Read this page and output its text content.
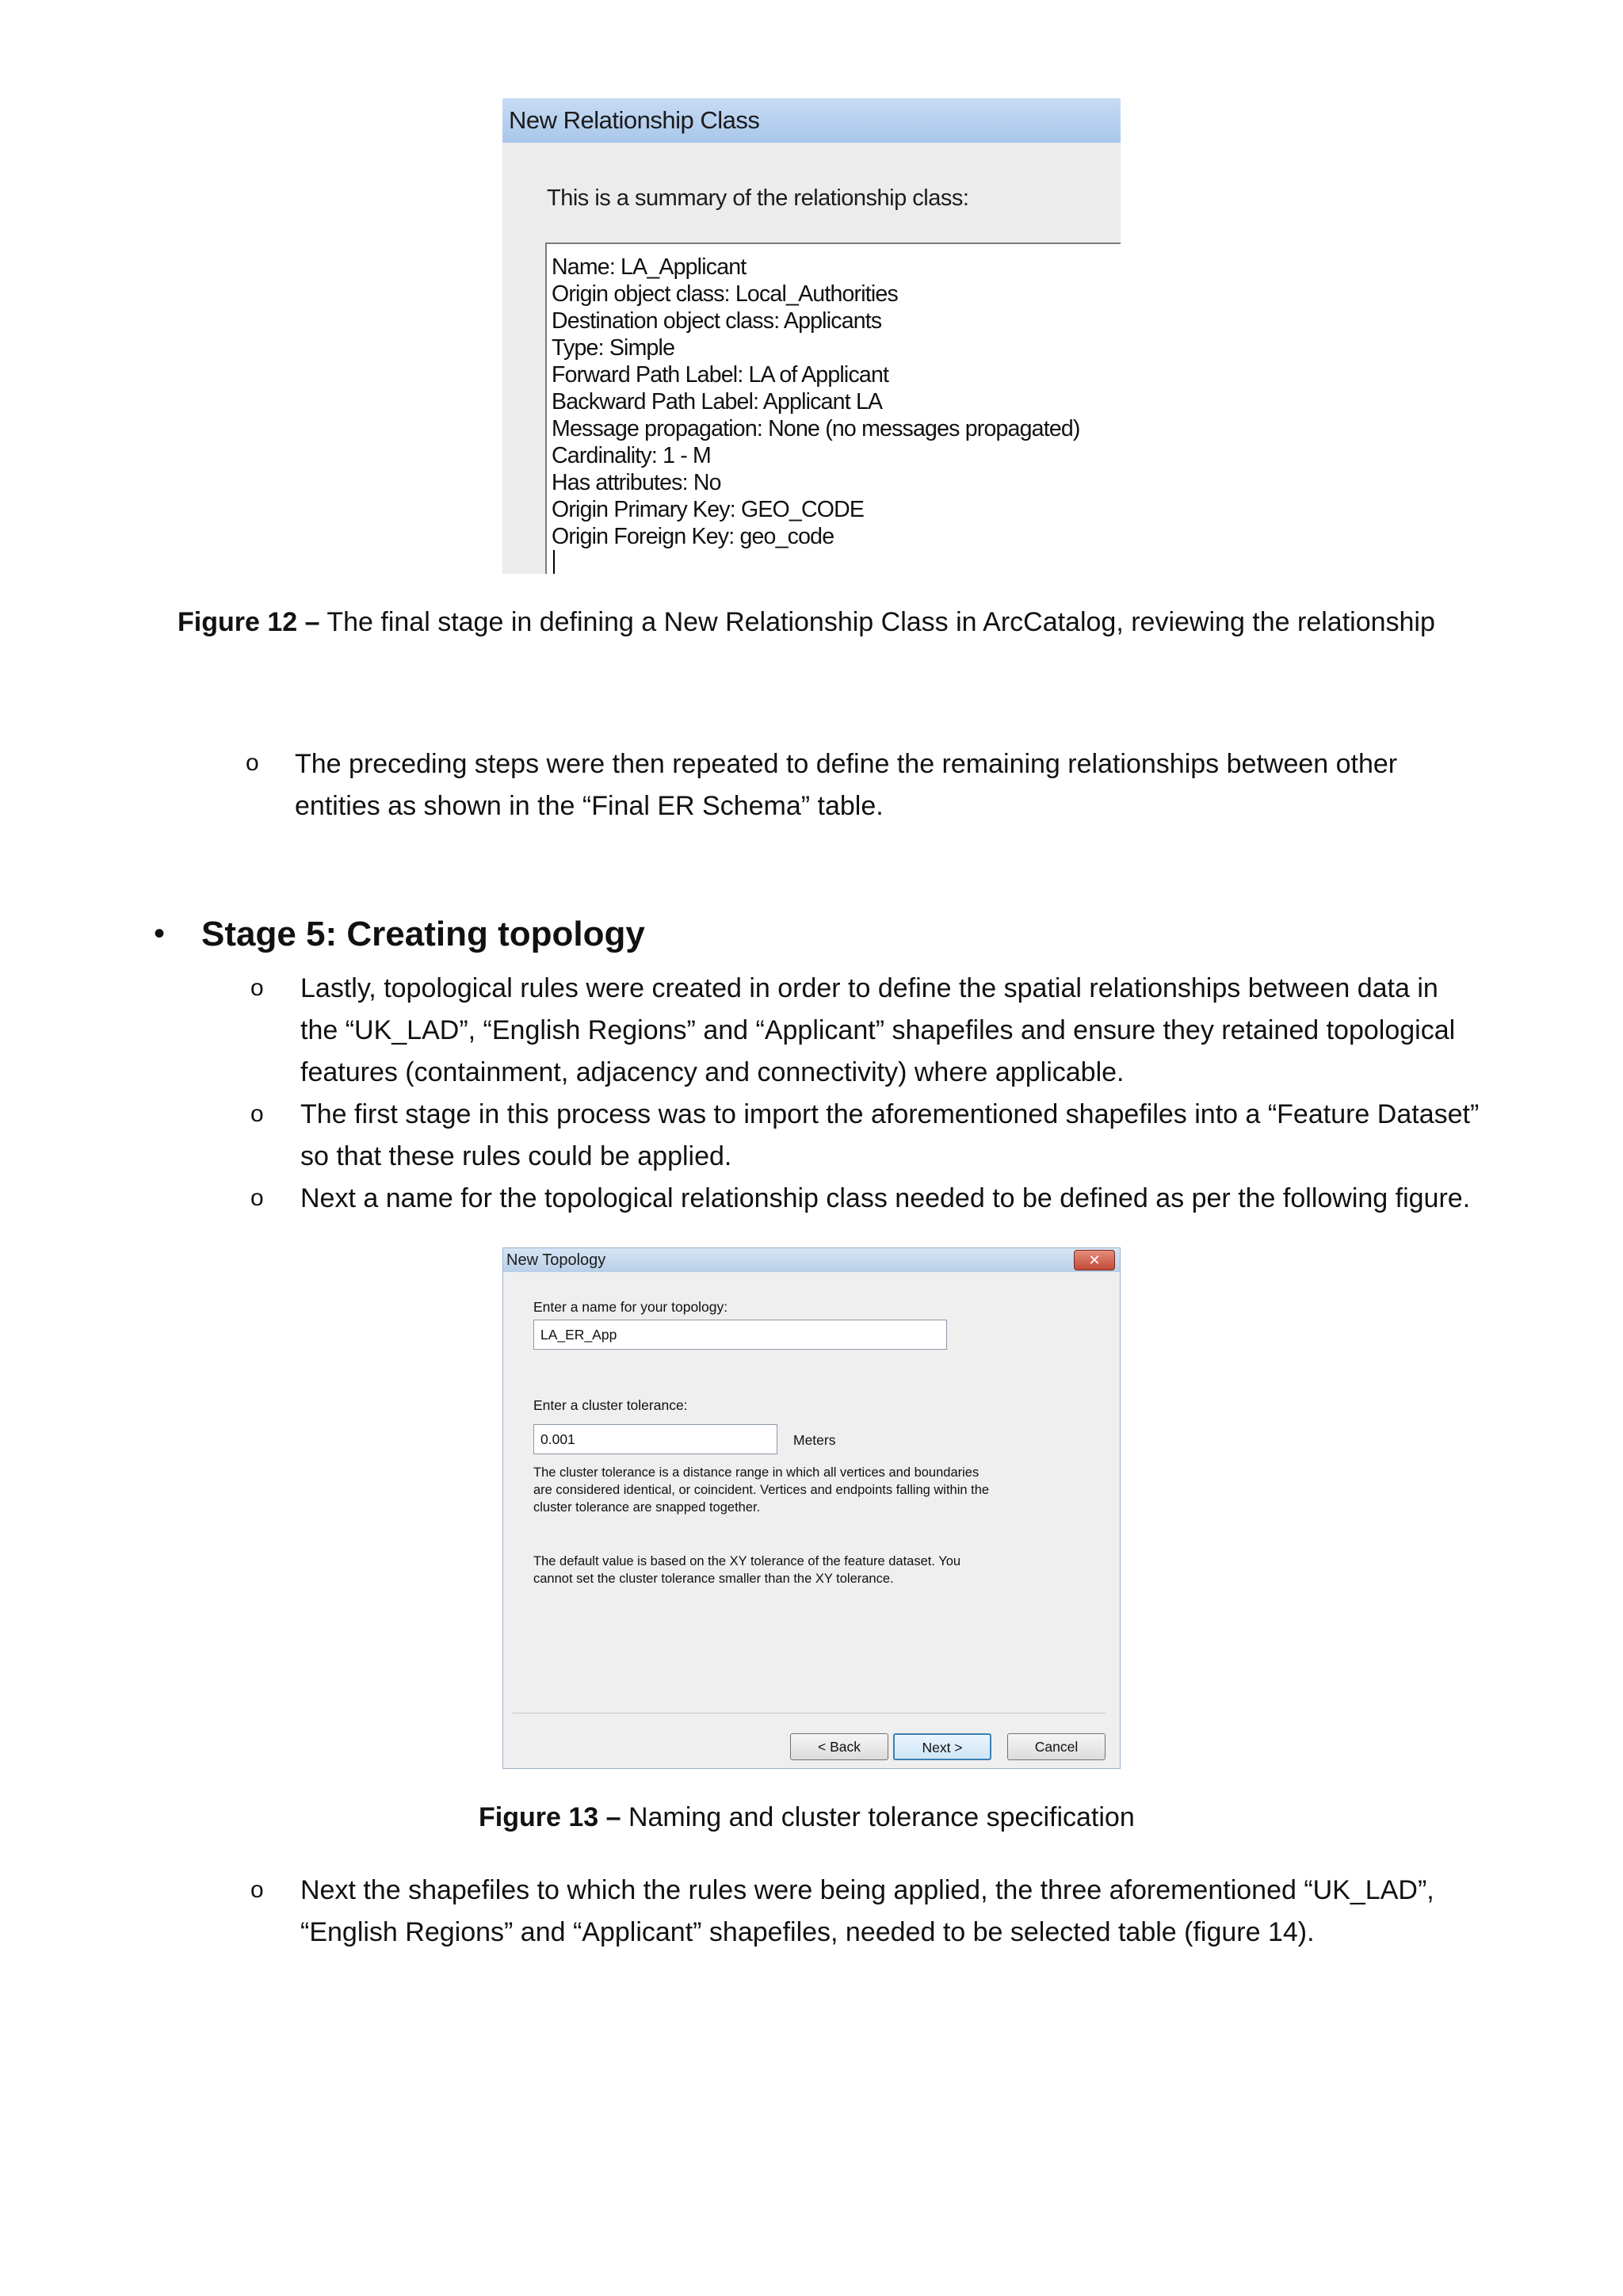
New Relationship Class
This is a summary of the relationship class:
Name: LA_Applicant
Origin object class: Local_Authorities
Destination object class: Applicants
Type: Simple
Forward Path Label: LA of Applicant
Backward Path Label: Applicant LA
Message propagation: None (no messages propagated)
Cardinality: 1 - M
Has attributes: No
Origin Primary Key: GEO_CODE
Origin Foreign Key: geo_code
Figure 12 – The final stage in defining a New Relationship Class in ArcCatalog, reviewing the relationship
o The preceding steps were then repeated to define the remaining relationships between other
entities as shown in the “Final ER Schema” table.
• Stage 5: Creating topology
o Lastly, topological rules were created in order to define the spatial relationships between data in
the “UK_LAD”, “English Regions” and “Applicant” shapefiles and ensure they retained topological
features (containment, adjacency and connectivity) where applicable.
o The first stage in this process was to import the aforementioned shapefiles into a “Feature Dataset”
so that these rules could be applied.
o Next a name for the topological relationship class needed to be defined as per the following figure.
New Topology	✕
Enter a name for your topology:
LA_ER_App
Enter a cluster tolerance:
0.001	Meters
The cluster tolerance is a distance range in which all vertices and boundaries
are considered identical, or coincident. Vertices and endpoints falling within the
cluster tolerance are snapped together.
The default value is based on the XY tolerance of the feature dataset. You
cannot set the cluster tolerance smaller than the XY tolerance.
< Back	Next >	Cancel
Figure 13 – Naming and cluster tolerance specification
o Next the shapefiles to which the rules were being applied, the three aforementioned “UK_LAD”,
“English Regions” and “Applicant” shapefiles, needed to be selected table (figure 14).
